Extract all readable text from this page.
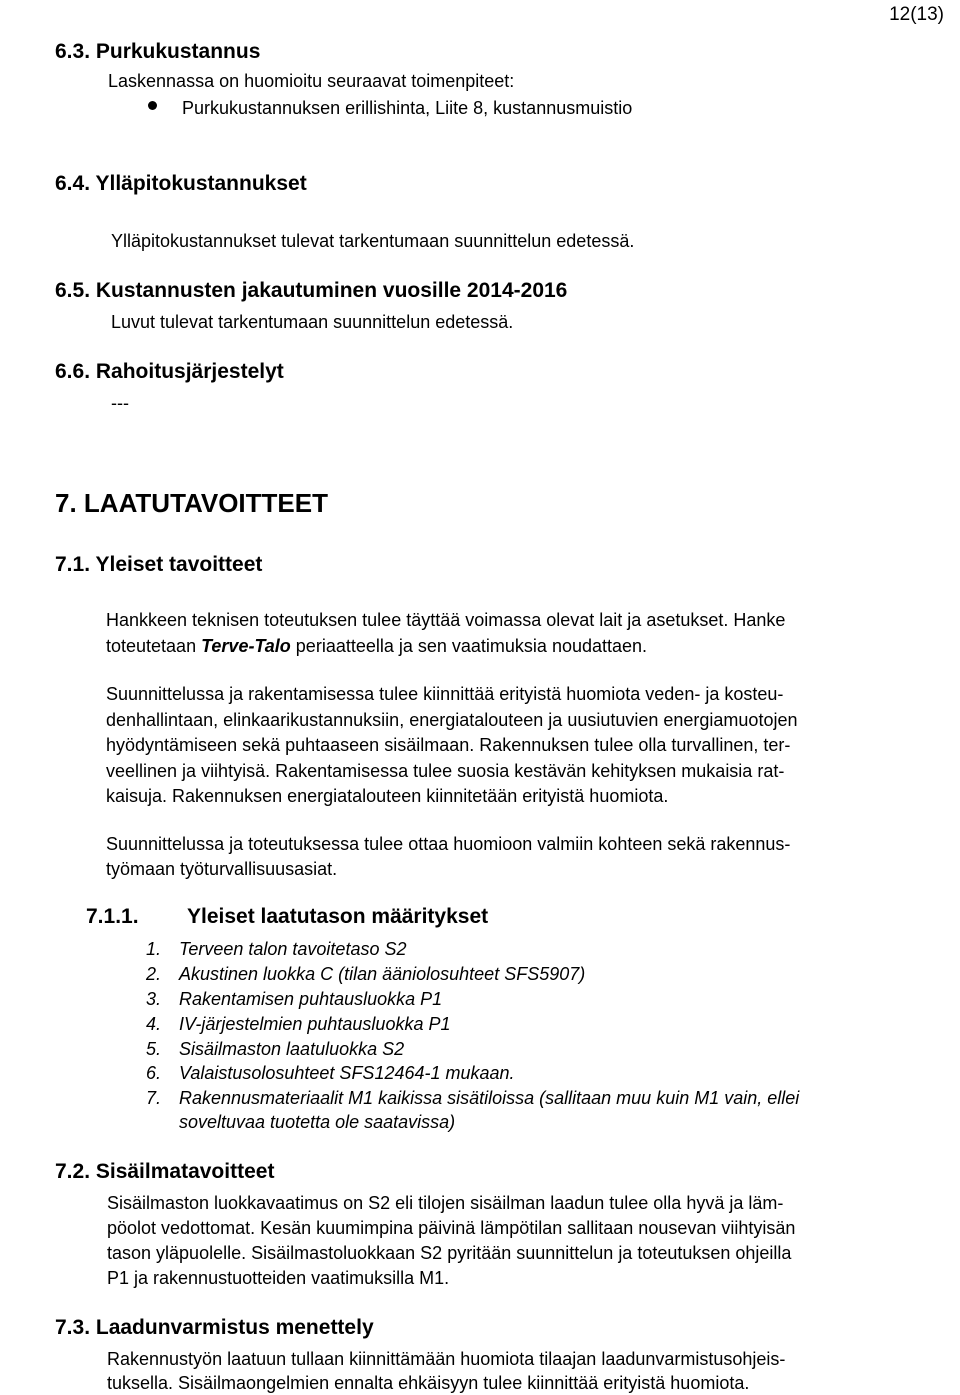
12(13)

6.3. Purkukustannus

Laskennassa on huomioitu seuraavat toimenpiteet:

Purkukustannuksen erillishinta, Liite 8, kustannusmuistio

6.4. Ylläpitokustannukset

Ylläpitokustannukset tulevat tarkentumaan suunnittelun edetessä.

6.5. Kustannusten jakautuminen vuosille 2014-2016

Luvut tulevat tarkentumaan suunnittelun edetessä.

6.6. Rahoitusjärjestelyt

---

7. LAATUTAVOITTEET

7.1. Yleiset tavoitteet

Hankkeen teknisen toteutuksen tulee täyttää voimassa olevat lait ja asetukset. Hanke

toteutetaan Terve-Talo periaatteella ja sen vaatimuksia noudattaen.

Suunnittelussa ja rakentamisessa tulee kiinnittää erityistä huomiota veden- ja kosteu-

denhallintaan, elinkaarikustannuksiin, energiatalouteen ja uusiutuvien energiamuotojen

hyödyntämiseen sekä puhtaaseen sisäilmaan. Rakennuksen tulee olla turvallinen, ter-

veellinen ja viihtyisä. Rakentamisessa tulee suosia kestävän kehityksen mukaisia rat-

kaisuja. Rakennuksen energiatalouteen kiinnitetään erityistä huomiota.

Suunnittelussa ja toteutuksessa tulee ottaa huomioon valmiin kohteen sekä rakennus-

työmaan työturvallisuusasiat.

7.1.1. Yleiset laatutason määritykset

1. Terveen talon tavoitetaso S2

2. Akustinen luokka C (tilan ääniolosuhteet SFS5907)

3. Rakentamisen puhtausluokka P1

4. IV-järjestelmien puhtausluokka P1

5. Sisäilmaston laatuluokka S2

6. Valaistusolosuhteet SFS12464-1 mukaan.

7. Rakennusmateriaalit M1 kaikissa sisätiloissa (sallitaan muu kuin M1 vain, ellei

soveltuvaa tuotetta ole saatavissa)

7.2. Sisäilmatavoitteet

Sisäilmaston luokkavaatimus on S2 eli tilojen sisäilman laadun tulee olla hyvä ja läm-

pöolot vedottomat. Kesän kuumimpina päivinä lämpötilan sallitaan nousevan viihtyisän

tason yläpuolelle. Sisäilmastoluokkaan S2 pyritään suunnittelun ja toteutuksen ohjeilla

P1 ja rakennustuotteiden vaatimuksilla M1.

7.3. Laadunvarmistus menettely

Rakennustyön laatuun tullaan kiinnittämään huomiota tilaajan laadunvarmistusohjeis-

tuksella. Sisäilmaongelmien ennalta ehkäisyyn tulee kiinnittää erityistä huomiota.
